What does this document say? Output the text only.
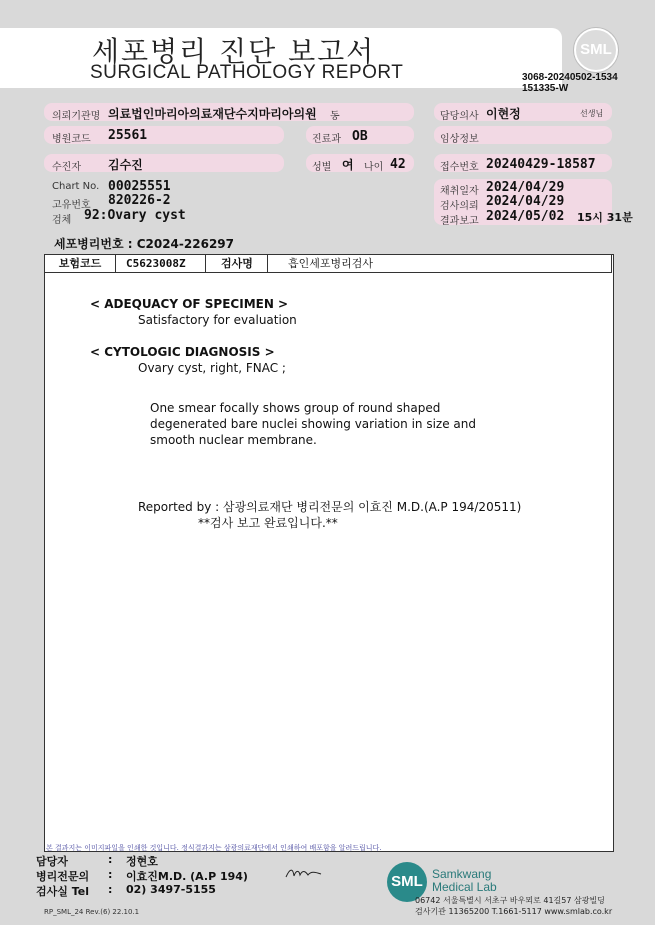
세포병리 진단 보고서
SURGICAL PATHOLOGY REPORT
SML
3068-20240502-1534
151335-W
의뢰기관명 의료법인마리아의료재단수지마리아의원 동	담당의사 이현정	선생님
병원코드 25561	진료과 OB	임상정보
수진자 김수진	성별 여 나이 42	접수번호 20240429-18587
Chart No. 00025551
고유번호 820226-2
검체 92:Ovary cyst
채취일자 2024/04/29
검사의뢰 2024/04/29
결과보고 2024/05/02 15시 31분
세포병리번호 : C2024-226297
보험코드	C5623008Z	검사명	흡인세포병리검사
< ADEQUACY OF SPECIMEN >
Satisfactory for evaluation
< CYTOLOGIC DIAGNOSIS >
Ovary cyst, right, FNAC ;
One smear focally shows group of round shaped
degenerated bare nuclei showing variation in size and
smooth nuclear membrane.
Reported by : 삼광의료재단 병리전문의 이효진 M.D.(A.P 194/20511)
**검사 보고 완료입니다.**
본 결과지는 이미지파일을 인쇄한 것입니다. 정식결과지는 삼광의료재단에서 인쇄하여 배포함을 알려드립니다.
담당자	: 정현호
병리전문의 : 이효진M.D. (A.P 194)
검사실 Tel : 02) 3497-5155	SML Samkwang
Medical Lab
06742 서울특별시 서초구 바우뫼로 41길57 삼광빌딩
검사기관 11365200 T.1661-5117 www.smlab.co.kr
RP_SML_24 Rev.(6) 22.10.1
